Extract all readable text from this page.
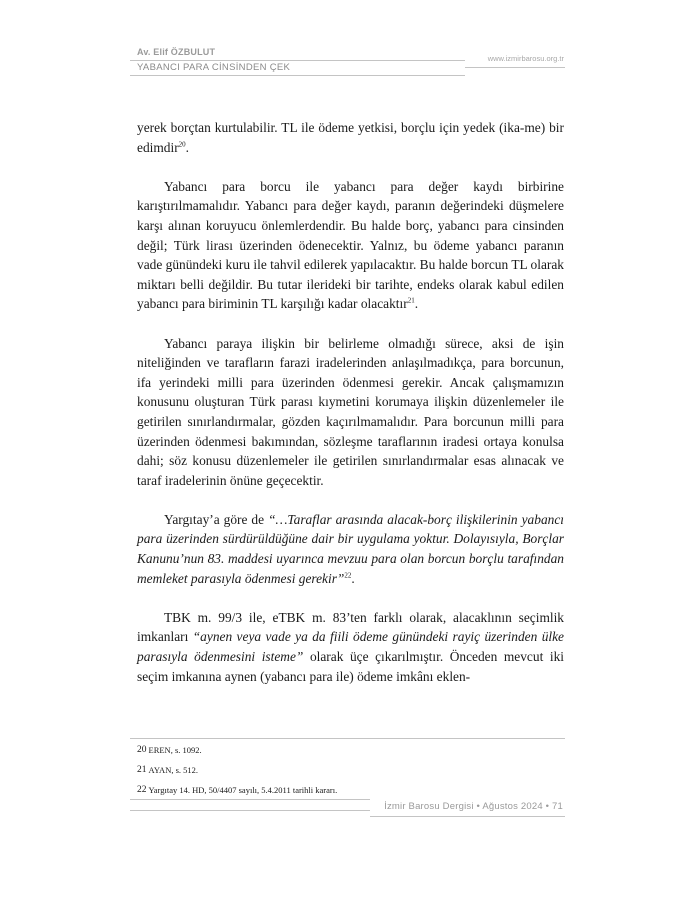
Av. Elif ÖZBULUT
YABANCI PARA CİNSİNDEN ÇEK
www.izmirbarosu.org.tr

yerek borçtan kurtulabilir. TL ile ödeme yetkisi, borçlu için yedek (ika-me) bir edimdir$^{20}$.

Yabancı para borcu ile yabancı para değer kaydı birbirine karıştırılmamalıdır. Yabancı para değer kaydı, paranın değerindeki düşmelere karşı alınan koruyucu önlemlerdendir. Bu halde borç, yabancı para cinsinden değil; Türk lirası üzerinden ödenecektir. Yalnız, bu ödeme yabancı paranın vade günündeki kuru ile tahvil edilerek yapılacaktır. Bu halde borcun TL olarak miktarı belli değildir. Bu tutar ilerideki bir tarihte, endeks olarak kabul edilen yabancı para biriminin TL karşılığı kadar olacaktır$^{21}$.

Yabancı paraya ilişkin bir belirleme olmadığı sürece, aksi de işin niteliğinden ve tarafların farazi iradelerinden anlaşılmadıkça, para borcunun, ifa yerindeki milli para üzerinden ödenmesi gerekir. Ancak çalışmamızın konusunu oluşturan Türk parası kıymetini korumaya ilişkin düzenlemeler ile getirilen sınırlandırmalar, gözden kaçırılmamalıdır. Para borcunun milli para üzerinden ödenmesi bakımından, sözleşme taraflarının iradesi ortaya konulsa dahi; söz konusu düzenlemeler ile getirilen sınırlandırmalar esas alınacak ve taraf iradelerinin önüne geçecektir.

Yargıtay’a göre de “…Taraflar arasında alacak-borç ilişkilerinin yabancı para üzerinden sürdürüldüğüne dair bir uygulama yoktur. Dolayısıyla, Borçlar Kanunu’nun 83. maddesi uyarınca mevzuu para olan borcun borçlu tarafından memleket parasıyla ödenmesi gerekir”$^{22}$.

TBK m. 99/3 ile, eTBK m. 83’ten farklı olarak, alacaklının seçimlik imkanları “aynen veya vade ya da fiili ödeme günündeki rayiç üzerinden ülke parasıyla ödenmesini isteme” olarak üçe çıkarılmıştır. Önceden mevcut iki seçim imkanına aynen (yabancı para ile) ödeme imkânı eklen-

20 EREN, s. 1092.
21 AYAN, s. 512.
22 Yargıtay 14. HD, 50/4407 sayılı, 5.4.2011 tarihli kararı.
İzmir Barosu Dergisi • Ağustos 2024 • 71
